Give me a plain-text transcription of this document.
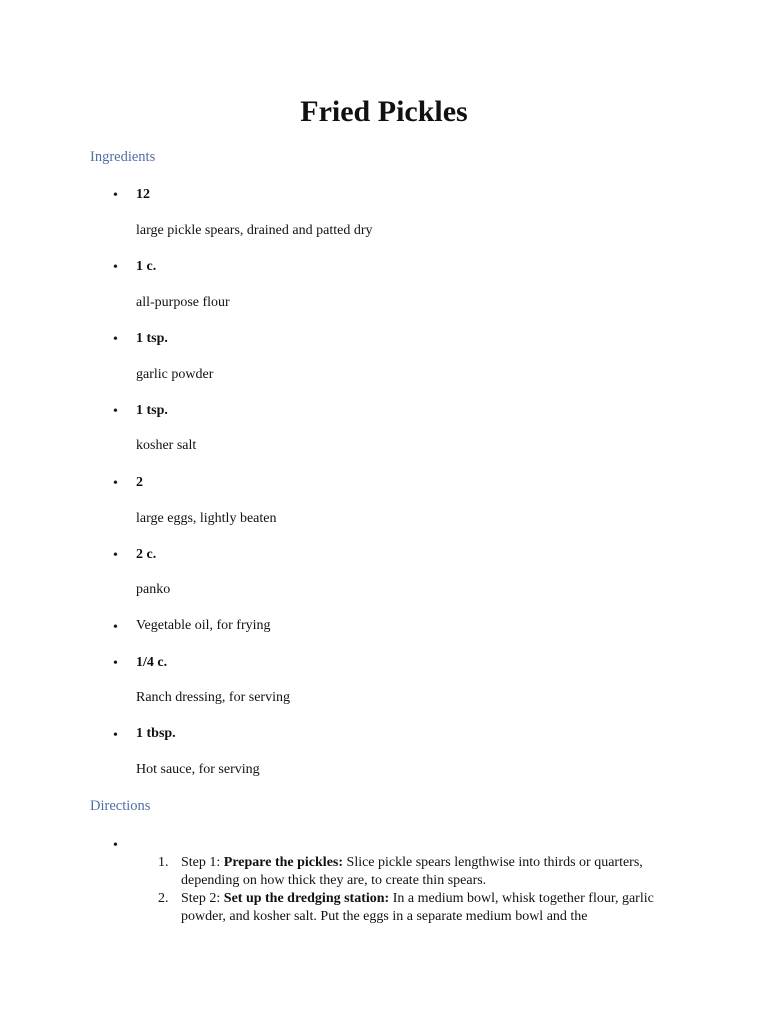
Fried Pickles
Ingredients
•	12
large pickle spears, drained and patted dry
•	1 c.
all-purpose flour
•	1 tsp.
garlic powder
•	1 tsp.
kosher salt
•	2
large eggs, lightly beaten
•	2 c.
panko
•	Vegetable oil, for frying
•	1/4 c.
Ranch dressing, for serving
•	1 tbsp.
Hot sauce, for serving
Directions
•

1. Step 1: Prepare the pickles: Slice pickle spears lengthwise into thirds or quarters, depending on how thick they are, to create thin spears.

2. Step 2: Set up the dredging station: In a medium bowl, whisk together flour, garlic powder, and kosher salt. Put the eggs in a separate medium bowl and the
